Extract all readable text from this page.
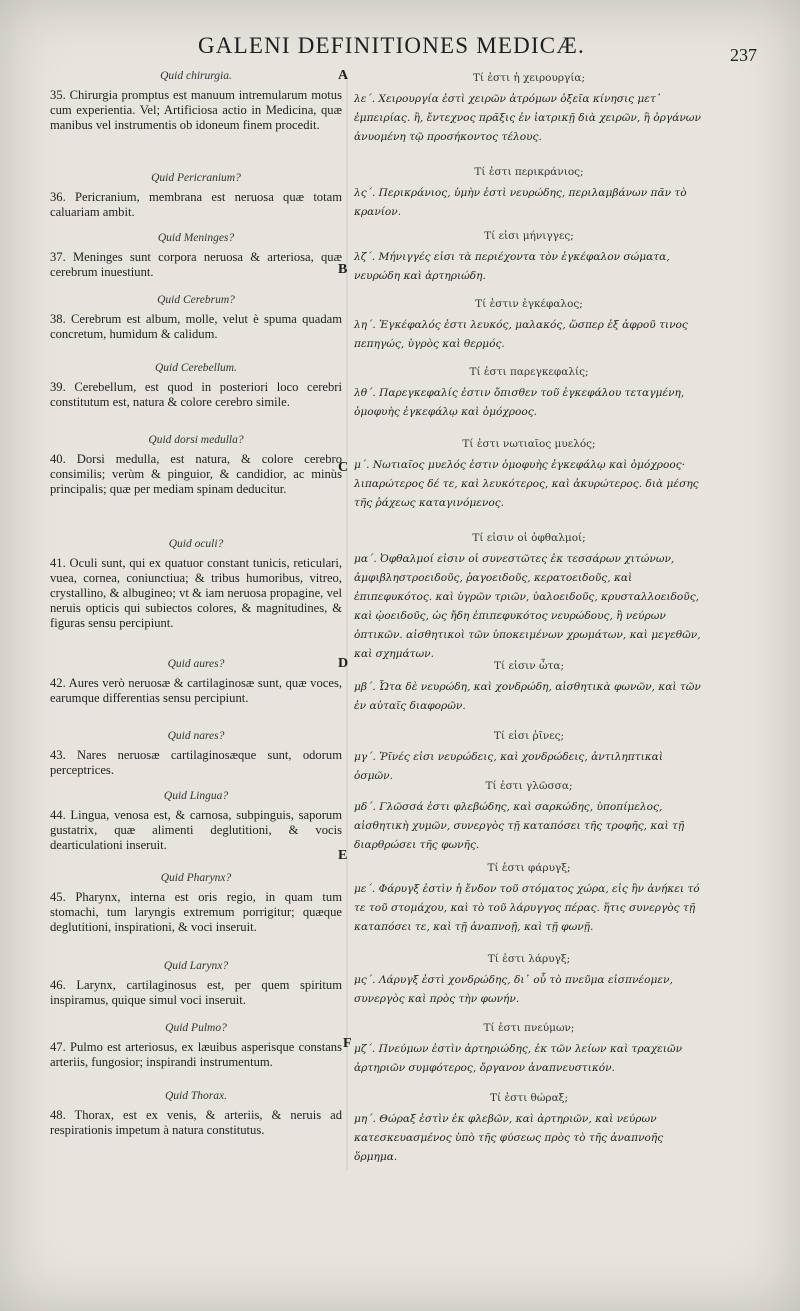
GALENI DEFINITIONES MEDICÆ.	237
A
B
C
D
E
F
Quid chirurgia.
35. Chirurgia promptus est manuum intremularum motus cum experientia. Vel; Artificiosa actio in Medicina, quæ manibus vel instrumentis ob idoneum finem procedit.
Quid Pericranium?
36. Pericranium, membrana est neruosa quæ totam caluariam ambit.
Quid Meninges?
37. Meninges sunt corpora neruosa & arteriosa, quæ cerebrum inuestiunt.
Quid Cerebrum?
38. Cerebrum est album, molle, velut è spuma quadam concretum, humidum & calidum.
Quid Cerebellum.
39. Cerebellum, est quod in posteriori loco cerebri constitutum est, natura & colore cerebro simile.
Quid dorsi medulla?
40. Dorsi medulla, est natura, & colore cerebro consimilis; verùm & pinguior, & candidior, ac minùs principalis; quæ per mediam spinam deducitur.
Quid oculi?
41. Oculi sunt, qui ex quatuor constant tunicis, reticulari, vuea, cornea, coniunctiua; & tribus humoribus, vitreo, crystallino, & albugineo; vt & iam neruosa propagine, vel neruis opticis qui subiectos colores, & magnitudines, & figuras sensu percipiunt.
Quid aures?
42. Aures verò neruosæ & cartilaginosæ sunt, quæ voces, earumque differentias sensu percipiunt.
Quid nares?
43. Nares neruosæ cartilaginosæque sunt, odorum perceptrices.
Quid Lingua?
44. Lingua, venosa est, & carnosa, subpinguis, saporum gustatrix, quæ alimenti deglutitioni, & vocis dearticulationi inseruit.
Quid Pharynx?
45. Pharynx, interna est oris regio, in quam tum stomachi, tum laryngis extremum porrigitur; quæque deglutitioni, inspirationi, & voci inseruit.
Quid Larynx?
46. Larynx, cartilaginosus est, per quem spiritum inspiramus, quique simul voci inseruit.
Quid Pulmo?
47. Pulmo est arteriosus, ex læuibus asperisque constans arteriis, fungosior; inspirandi instrumentum.
Quid Thorax.
48. Thorax, est ex venis, & arteriis, & neruis ad respirationis impetum à natura constitutus.
Τί ἐστι ἡ χειρουργία;
λε΄. Χειρουργία ἐστὶ χειρῶν ἀτρόμων ὀξεῖα κίνησις μετ᾽ ἐμπειρίας. ἢ, ἔντεχνος πρᾶξις ἐν ἰατρικῇ διὰ χειρῶν, ἢ ὀργάνων ἀνυομένη τῷ προσήκοντος τέλους.
Τί ἐστι περικράνιος;
λς΄. Περικράνιος, ὑμὴν ἐστὶ νευρώδης, περιλαμβάνων πᾶν τὸ κρανίον.
Τί εἰσι μήνιγγες;
λζ΄. Μήνιγγές εἰσι τὰ περιέχοντα τὸν ἐγκέφαλον σώματα, νευρώδη καὶ ἀρτηριώδη.
Τί ἐστιν ἐγκέφαλος;
λη΄. Ἐγκέφαλός ἐστι λευκός, μαλακός, ὥσπερ ἐξ ἀφροῦ τινος πεπηγώς, ὑγρὸς καὶ θερμός.
Τί ἐστι παρεγκεφαλίς;
λθ΄. Παρεγκεφαλίς ἐστιν ὄπισθεν τοῦ ἐγκεφάλου τεταγμένη, ὁμοφυὴς ἐγκεφάλῳ καὶ ὁμόχροος.
Τί ἐστι νωτιαῖος μυελός;
μ΄. Νωτιαῖος μυελός ἐστιν ὁμοφυὴς ἐγκεφάλῳ καὶ ὁμόχροος· λιπαρώτερος δέ τε, καὶ λευκότερος, καὶ ἀκυρώτερος. διὰ μέσης τῆς ῥάχεως καταγινόμενος.
Τί εἰσιν οἱ ὀφθαλμοί;
μα΄. Ὀφθαλμοί εἰσιν οἱ συνεστῶτες ἐκ τεσσάρων χιτώνων, ἀμφιβληστροειδοῦς, ῥαγοειδοῦς, κερατοειδοῦς, καὶ ἐπιπεφυκότος. καὶ ὑγρῶν τριῶν, ὑαλοειδοῦς, κρυσταλλοειδοῦς, καὶ ᾠοειδοῦς, ὡς ἤδη ἐπιπεφυκότος νευρώδους, ἢ νεύρων ὀπτικῶν. αἰσθητικοὶ τῶν ὑποκειμένων χρωμάτων, καὶ μεγεθῶν, καὶ σχημάτων.
Τί εἰσιν ὦτα;
μβ΄. Ὦτα δὲ νευρώδη, καὶ χονδρώδη, αἰσθητικὰ φωνῶν, καὶ τῶν ἐν αὐταῖς διαφορῶν.
Τί εἰσι ῥῖνες;
μγ΄. Ῥῖνές εἰσι νευρώδεις, καὶ χονδρώδεις, ἀντιληπτικαὶ ὀσμῶν.
Τί ἐστι γλῶσσα;
μδ΄. Γλῶσσά ἐστι φλεβώδης, καὶ σαρκώδης, ὑποπίμελος, αἰσθητικὴ χυμῶν, συνεργὸς τῇ καταπόσει τῆς τροφῆς, καὶ τῇ διαρθρώσει τῆς φωνῆς.
Τί ἐστι φάρυγξ;
με΄. Φάρυγξ ἐστὶν ἡ ἔνδον τοῦ στόματος χώρα, εἰς ἣν ἀνήκει τό τε τοῦ στομάχου, καὶ τὸ τοῦ λάρυγγος πέρας. ἥτις συνεργὸς τῇ καταπόσει τε, καὶ τῇ ἀναπνοῇ, καὶ τῇ φωνῇ.
Τί ἐστι λάρυγξ;
μς΄. Λάρυγξ ἐστὶ χονδρώδης, δι᾽ οὗ τὸ πνεῦμα εἰσπνέομεν, συνεργὸς καὶ πρὸς τὴν φωνήν.
Τί ἐστι πνεύμων;
μζ΄. Πνεύμων ἐστὶν ἀρτηριώδης, ἐκ τῶν λείων καὶ τραχειῶν ἀρτηριῶν συμφότερος, ὄργανον ἀναπνευστικόν.
Τί ἐστι θώραξ;
μη΄. Θώραξ ἐστὶν ἐκ φλεβῶν, καὶ ἀρτηριῶν, καὶ νεύρων κατεσκευασμένος ὑπὸ τῆς φύσεως πρὸς τὸ τῆς ἀναπνοῆς ὅρμημα.
